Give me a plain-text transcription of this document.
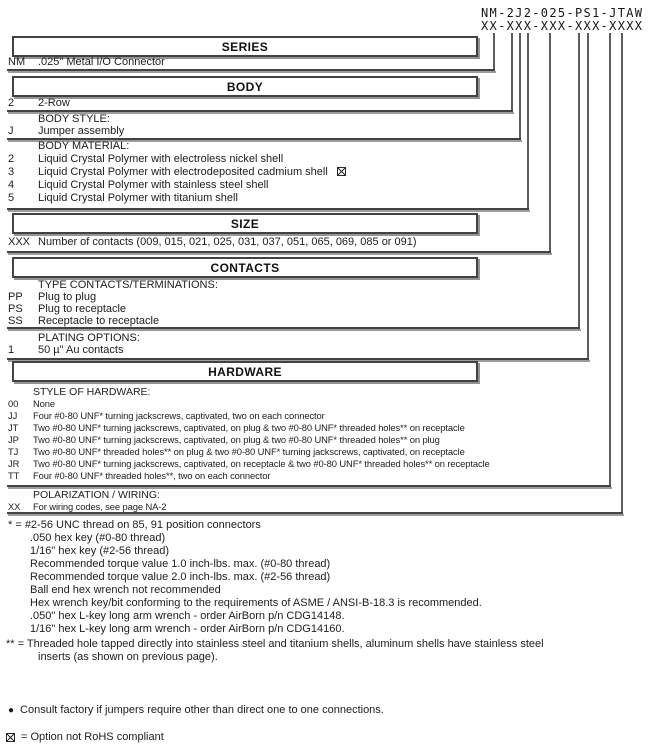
NM-2J2-025-PS1-JTAW
XX-XXX-XXX-XXX-XXXX
SERIES
NM	.025" Metal I/O Connector
BODY
2	2-Row
BODY STYLE:
J	Jumper assembly
BODY MATERIAL:
2	Liquid Crystal Polymer with electroless nickel shell
3	Liquid Crystal Polymer with electrodeposited cadmium shell
4	Liquid Crystal Polymer with stainless steel shell
5	Liquid Crystal Polymer with titanium shell
SIZE
XXX Number of contacts (009, 015, 021, 025, 031, 037, 051, 065, 069, 085 or 091)
CONTACTS
TYPE CONTACTS/TERMINATIONS:
PP	Plug to plug
PS	Plug to receptacle
SS	Receptacle to receptacle
PLATING OPTIONS:
1	50 µ" Au contacts
HARDWARE
STYLE OF HARDWARE:
00	None
JJ	Four #0-80 UNF* turning jackscrews, captivated, two on each connector
JT	Two #0-80 UNF* turning jackscrews, captivated, on plug & two #0-80 UNF* threaded holes** on receptacle
JP	Two #0-80 UNF* turning jackscrews, captivated, on plug & two #0-80 UNF* threaded holes** on plug
TJ	Two #0-80 UNF* threaded holes** on plug & two #0-80 UNF* turning jackscrews, captivated, on receptacle
JR	Two #0-80 UNF* turning jackscrews, captivated, on receptacle & two #0-80 UNF* threaded holes** on receptacle
TT	Four #0-80 UNF* threaded holes**, two on each connector
POLARIZATION / WIRING:
XX	For wiring codes, see page NA-2
* = #2-56 UNC thread on 85, 91 position connectors
.050 hex key (#0-80 thread)
1/16" hex key (#2-56 thread)
Recommended torque value 1.0 inch-lbs. max. (#0-80 thread)
Recommended torque value 2.0 inch-lbs. max. (#2-56 thread)
Ball end hex wrench not recommended
Hex wrench key/bit conforming to the requirements of ASME / ANSI-B-18.3 is recommended.
.050" hex L-key long arm wrench - order AirBorn p/n CDG14148.
1/16" hex L-key long arm wrench - order AirBorn p/n CDG14160.
** = Threaded hole tapped directly into stainless steel and titanium shells, aluminum shells have stainless steel
inserts (as shown on previous page).
● Consult factory if jumpers require other than direct one to one connections.
= Option not RoHS compliant
